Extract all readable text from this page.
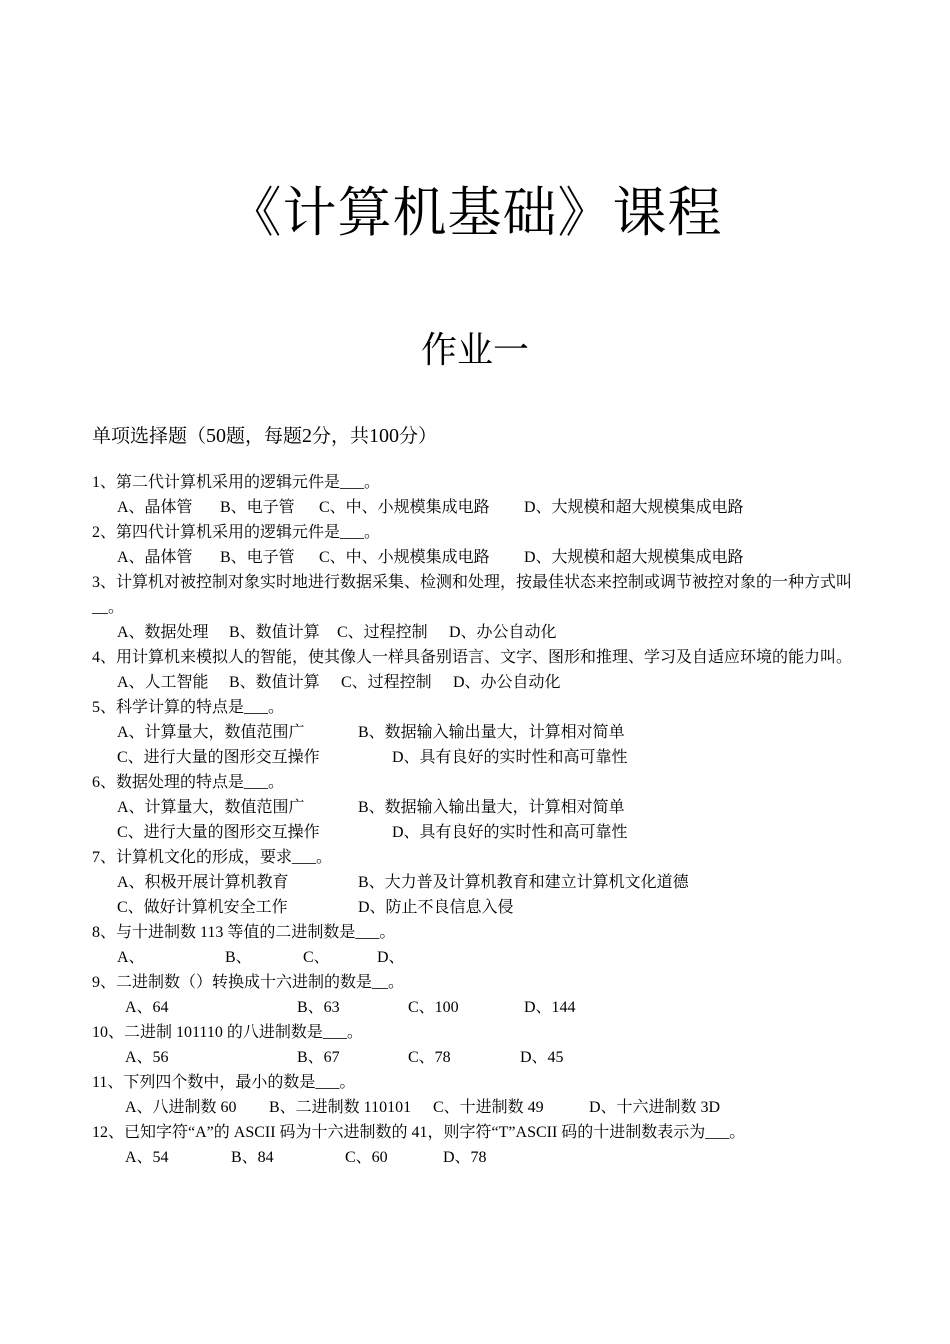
《计算机基础》课程
作业一
单项选择题（50题，每题2分，共100分）
1、第二代计算机采用的逻辑元件是___。
A、晶体管 B、电子管 C、中、小规模集成电路 D、大规模和超大规模集成电路
2、第四代计算机采用的逻辑元件是___。
A、晶体管 B、电子管 C、中、小规模集成电路 D、大规模和超大规模集成电路
3、计算机对被控制对象实时地进行数据采集、检测和处理，按最佳状态来控制或调节被控对象的一种方式叫__。
A、数据处理 B、数值计算 C、过程控制 D、办公自动化
4、用计算机来模拟人的智能，使其像人一样具备别语言、文字、图形和推理、学习及自适应环境的能力叫。
A、人工智能 B、数值计算 C、过程控制 D、办公自动化
5、科学计算的特点是___。
A、计算量大，数值范围广	B、数据输入输出量大，计算相对简单
C、进行大量的图形交互操作	D、具有良好的实时性和高可靠性
6、数据处理的特点是___。
A、计算量大，数值范围广	B、数据输入输出量大，计算相对简单
C、进行大量的图形交互操作	D、具有良好的实时性和高可靠性
7、计算机文化的形成，要求___。
A、积极开展计算机教育	B、大力普及计算机教育和建立计算机文化道德
C、做好计算机安全工作	D、防止不良信息入侵
8、与十进制数 113 等值的二进制数是___。
A、	B、	C、	D、
9、二进制数（）转换成十六进制的数是__。
A、64	B、63	C、100	D、144
10、二进制 101110 的八进制数是___。
A、56	B、67	C、78	D、45
11、下列四个数中，最小的数是___。
A、八进制数 60 B、二进制数 110101 C、十进制数 49	D、十六进制数 3D
12、已知字符“A”的 ASCII 码为十六进制数的 41，则字符“T”ASCII 码的十进制数表示为___。
A、54	B、84	C、60	D、78
